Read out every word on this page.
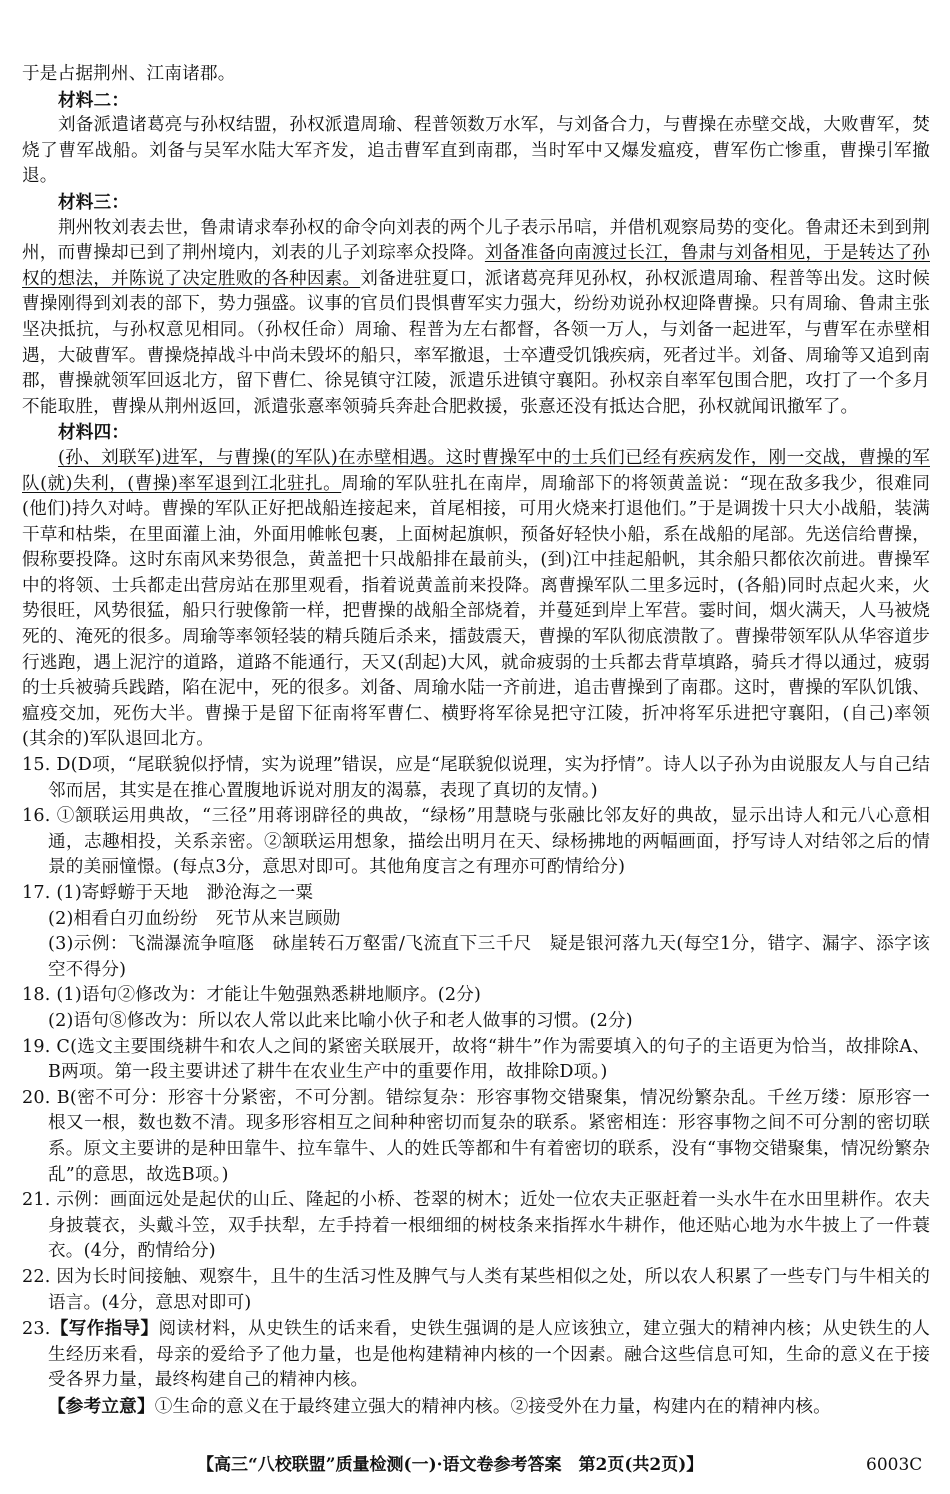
于是占据荆州、江南诸郡。

材料二：

刘备派遣诸葛亮与孙权结盟，孙权派遣周瑜、程普领数万水军，与刘备合力，与曹操在赤壁交战，大败曹军，焚烧了曹军战船。刘备与吴军水陆大军齐发，追击曹军直到南郡，当时军中又爆发瘟疫，曹军伤亡惨重，曹操引军撤退。

材料三：

荆州牧刘表去世，鲁肃请求奉孙权的命令向刘表的两个儿子表示吊唁，并借机观察局势的变化。鲁肃还未到到荆州，而曹操却已到了荆州境内，刘表的儿子刘琮率众投降。刘备准备向南渡过长江，鲁肃与刘备相见，于是转达了孙权的想法，并陈说了决定胜败的各种因素。刘备进驻夏口，派诸葛亮拜见孙权，孙权派遣周瑜、程普等出发。这时候曹操刚得到刘表的部下，势力强盛。议事的官员们畏惧曹军实力强大，纷纷劝说孙权迎降曹操。只有周瑜、鲁肃主张坚决抵抗，与孙权意见相同。（孙权任命）周瑜、程普为左右都督，各领一万人，与刘备一起进军，与曹军在赤壁相遇，大破曹军。曹操烧掉战斗中尚未毁坏的船只，率军撤退，士卒遭受饥饿疾病，死者过半。刘备、周瑜等又追到南郡，曹操就领军回返北方，留下曹仁、徐晃镇守江陵，派遣乐进镇守襄阳。孙权亲自率军包围合肥，攻打了一个多月不能取胜，曹操从荆州返回，派遣张憙率领骑兵奔赴合肥救援，张憙还没有抵达合肥，孙权就闻讯撤军了。

材料四：

(孙、刘联军)进军，与曹操(的军队)在赤壁相遇。这时曹操军中的士兵们已经有疾病发作，刚一交战，曹操的军队(就)失利，(曹操)率军退到江北驻扎。周瑜的军队驻扎在南岸，周瑜部下的将领黄盖说：“现在敌多我少，很难同(他们)持久对峙。曹操的军队正好把战船连接起来，首尾相接，可用火烧来打退他们。”于是调拨十只大小战船，装满干草和枯柴，在里面灌上油，外面用帷帐包裹，上面树起旗帜，预备好轻快小船，系在战船的尾部。先送信给曹操，假称要投降。这时东南风来势很急，黄盖把十只战船排在最前头，(到)江中挂起船帆，其余船只都依次前进。曹操军中的将领、士兵都走出营房站在那里观看，指着说黄盖前来投降。离曹操军队二里多远时，(各船)同时点起火来，火势很旺，风势很猛，船只行驶像箭一样，把曹操的战船全部烧着，并蔓延到岸上军营。霎时间，烟火满天，人马被烧死的、淹死的很多。周瑜等率领轻装的精兵随后杀来，擂鼓震天，曹操的军队彻底溃散了。曹操带领军队从华容道步行逃跑，遇上泥泞的道路，道路不能通行，天又(刮起)大风，就命疲弱的士兵都去背草填路，骑兵才得以通过，疲弱的士兵被骑兵践踏，陷在泥中，死的很多。刘备、周瑜水陆一齐前进，追击曹操到了南郡。这时，曹操的军队饥饿、瘟疫交加，死伤大半。曹操于是留下征南将军曹仁、横野将军徐晃把守江陵，折冲将军乐进把守襄阳，(自己)率领(其余的)军队退回北方。

15. D(D项，“尾联貌似抒情，实为说理”错误，应是“尾联貌似说理，实为抒情”。诗人以子孙为由说服友人与自己结邻而居，其实是在推心置腹地诉说对朋友的渴慕，表现了真切的友情。)

16. ①颔联运用典故，“三径”用蒋诩辟径的典故，“绿杨”用慧晓与张融比邻友好的典故，显示出诗人和元八心意相通，志趣相投，关系亲密。②颔联运用想象，描绘出明月在天、绿杨拂地的两幅画面，抒写诗人对结邻之后的情景的美丽憧憬。(每点3分，意思对即可。其他角度言之有理亦可酌情给分)

17. (1)寄蜉蝣于天地　渺沧海之一粟

(2)相看白刃血纷纷　死节从来岂顾勋

(3)示例：飞湍瀑流争喧豗　砯崖转石万壑雷/飞流直下三千尺　疑是银河落九天(每空1分，错字、漏字、添字该空不得分)

18. (1)语句②修改为：才能让牛勉强熟悉耕地顺序。(2分)

(2)语句⑧修改为：所以农人常以此来比喻小伙子和老人做事的习惯。(2分)

19. C(选文主要围绕耕牛和农人之间的紧密关联展开，故将“耕牛”作为需要填入的句子的主语更为恰当，故排除A、B两项。第一段主要讲述了耕牛在农业生产中的重要作用，故排除D项。)

20. B(密不可分：形容十分紧密，不可分割。错综复杂：形容事物交错聚集，情况纷繁杂乱。千丝万缕：原形容一根又一根，数也数不清。现多形容相互之间种种密切而复杂的联系。紧密相连：形容事物之间不可分割的密切联系。原文主要讲的是种田靠牛、拉车靠牛、人的姓氏等都和牛有着密切的联系，没有“事物交错聚集，情况纷繁杂乱”的意思，故选B项。)

21. 示例：画面远处是起伏的山丘、隆起的小桥、苍翠的树木；近处一位农夫正驱赶着一头水牛在水田里耕作。农夫身披蓑衣，头戴斗笠，双手扶犁，左手持着一根细细的树枝条来指挥水牛耕作，他还贴心地为水牛披上了一件蓑衣。(4分，酌情给分)

22. 因为长时间接触、观察牛，且牛的生活习性及脾气与人类有某些相似之处，所以农人积累了一些专门与牛相关的语言。(4分，意思对即可)

23.【写作指导】阅读材料，从史铁生的话来看，史铁生强调的是人应该独立，建立强大的精神内核；从史铁生的人生经历来看，母亲的爱给予了他力量，也是他构建精神内核的一个因素。融合这些信息可知，生命的意义在于接受各界力量，最终构建自己的精神内核。

【参考立意】①生命的意义在于最终建立强大的精神内核。②接受外在力量，构建内在的精神内核。

【高三“八校联盟”质量检测(一)·语文卷参考答案　第2页(共2页)】	6003C
